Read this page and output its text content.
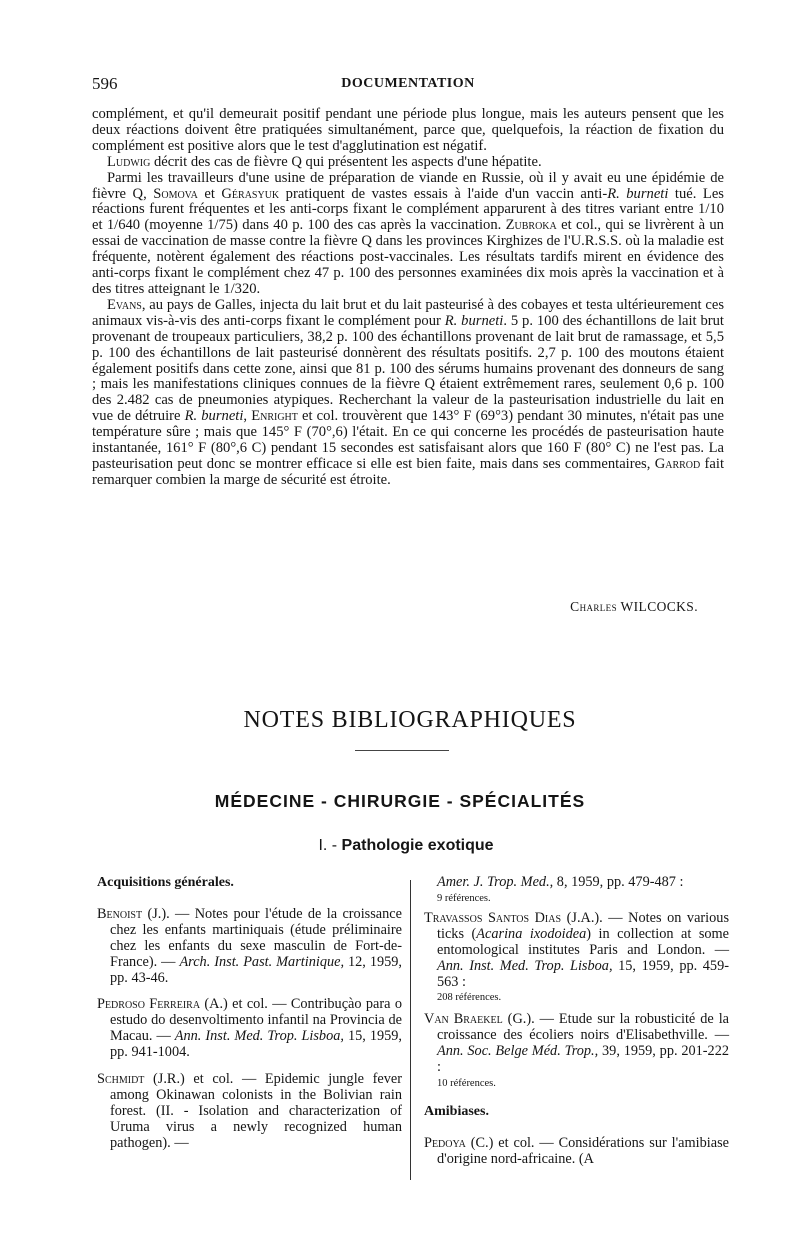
596	DOCUMENTATION

complément, et qu'il demeurait positif pendant une période plus longue, mais les auteurs pensent que les deux réactions doivent être pratiquées simultanément, parce que, quelquefois, la réaction de fixation du complément est positive alors que le test d'agglutination est négatif.

Ludwig décrit des cas de fièvre Q qui présentent les aspects d'une hépatite.

Parmi les travailleurs d'une usine de préparation de viande en Russie, où il y avait eu une épidémie de fièvre Q, Somova et Gérasyuk pratiquent de vastes essais à l'aide d'un vaccin anti-R. burneti tué. Les réactions furent fréquentes et les anti-corps fixant le complément apparurent à des titres variant entre 1/10 et 1/640 (moyenne 1/75) dans 40 p. 100 des cas après la vaccination. Zubroka et col., qui se livrèrent à un essai de vaccination de masse contre la fièvre Q dans les provinces Kirghizes de l'U.R.S.S. où la maladie est fréquente, notèrent également des réactions post-vaccinales. Les résultats tardifs mirent en évidence des anti-corps fixant le complément chez 47 p. 100 des personnes examinées dix mois après la vaccination et à des titres atteignant le 1/320.

Evans, au pays de Galles, injecta du lait brut et du lait pasteurisé à des cobayes et testa ultérieurement ces animaux vis-à-vis des anti-corps fixant le complément pour R. burneti. 5 p. 100 des échantillons de lait brut provenant de troupeaux particuliers, 38,2 p. 100 des échantillons provenant de lait brut de ramassage, et 5,5 p. 100 des échantillons de lait pasteurisé donnèrent des résultats positifs. 2,7 p. 100 des moutons étaient également positifs dans cette zone, ainsi que 81 p. 100 des sérums humains provenant des donneurs de sang ; mais les manifestations cliniques connues de la fièvre Q étaient extrêmement rares, seulement 0,6 p. 100 des 2.482 cas de pneumonies atypiques. Recherchant la valeur de la pasteurisation industrielle du lait en vue de détruire R. burneti, Enright et col. trouvèrent que 143° F (69°3) pendant 30 minutes, n'était pas une température sûre ; mais que 145° F (70°,6) l'était. En ce qui concerne les procédés de pasteurisation haute instantanée, 161° F (80°,6 C) pendant 15 secondes est satisfaisant alors que 160 F (80° C) ne l'est pas. La pasteurisation peut donc se montrer efficace si elle est bien faite, mais dans ses commentaires, Garrod fait remarquer combien la marge de sécurité est étroite.

Charles WILCOCKS.
NOTES BIBLIOGRAPHIQUES
MÉDECINE - CHIRURGIE - SPÉCIALITÉS
I. - Pathologie exotique
Acquisitions générales.
Benoist (J.). — Notes pour l'étude de la croissance chez les enfants martiniquais (étude préliminaire chez les enfants du sexe masculin de Fort-de-France). — Arch. Inst. Past. Martinique, 12, 1959, pp. 43-46.
Pedroso Ferreira (A.) et col. — Contribuçào para o estudo do desenvoltimento infantil na Provincia de Macau. — Ann. Inst. Med. Trop. Lisboa, 15, 1959, pp. 941-1004.
Schmidt (J.R.) et col. — Epidemic jungle fever among Okinawan colonists in the Bolivian rain forest. (II. - Isolation and characterization of Uruma virus a newly recognized human pathogen). —
Amer. J. Trop. Med., 8, 1959, pp. 479-487 :
9 références.
Travassos Santos Dias (J.A.). — Notes on various ticks (Acarina ixodoidea) in collection at some entomological institutes Paris and London. — Ann. Inst. Med. Trop. Lisboa, 15, 1959, pp. 459-563 :
208 références.
Van Braekel (G.). — Etude sur la robusticité de la croissance des écoliers noirs d'Elisabethville. — Ann. Soc. Belge Méd. Trop., 39, 1959, pp. 201-222 :
10 références.
Amibiases.
Pedoya (C.) et col. — Considérations sur l'amibiase d'origine nord-africaine. (A
